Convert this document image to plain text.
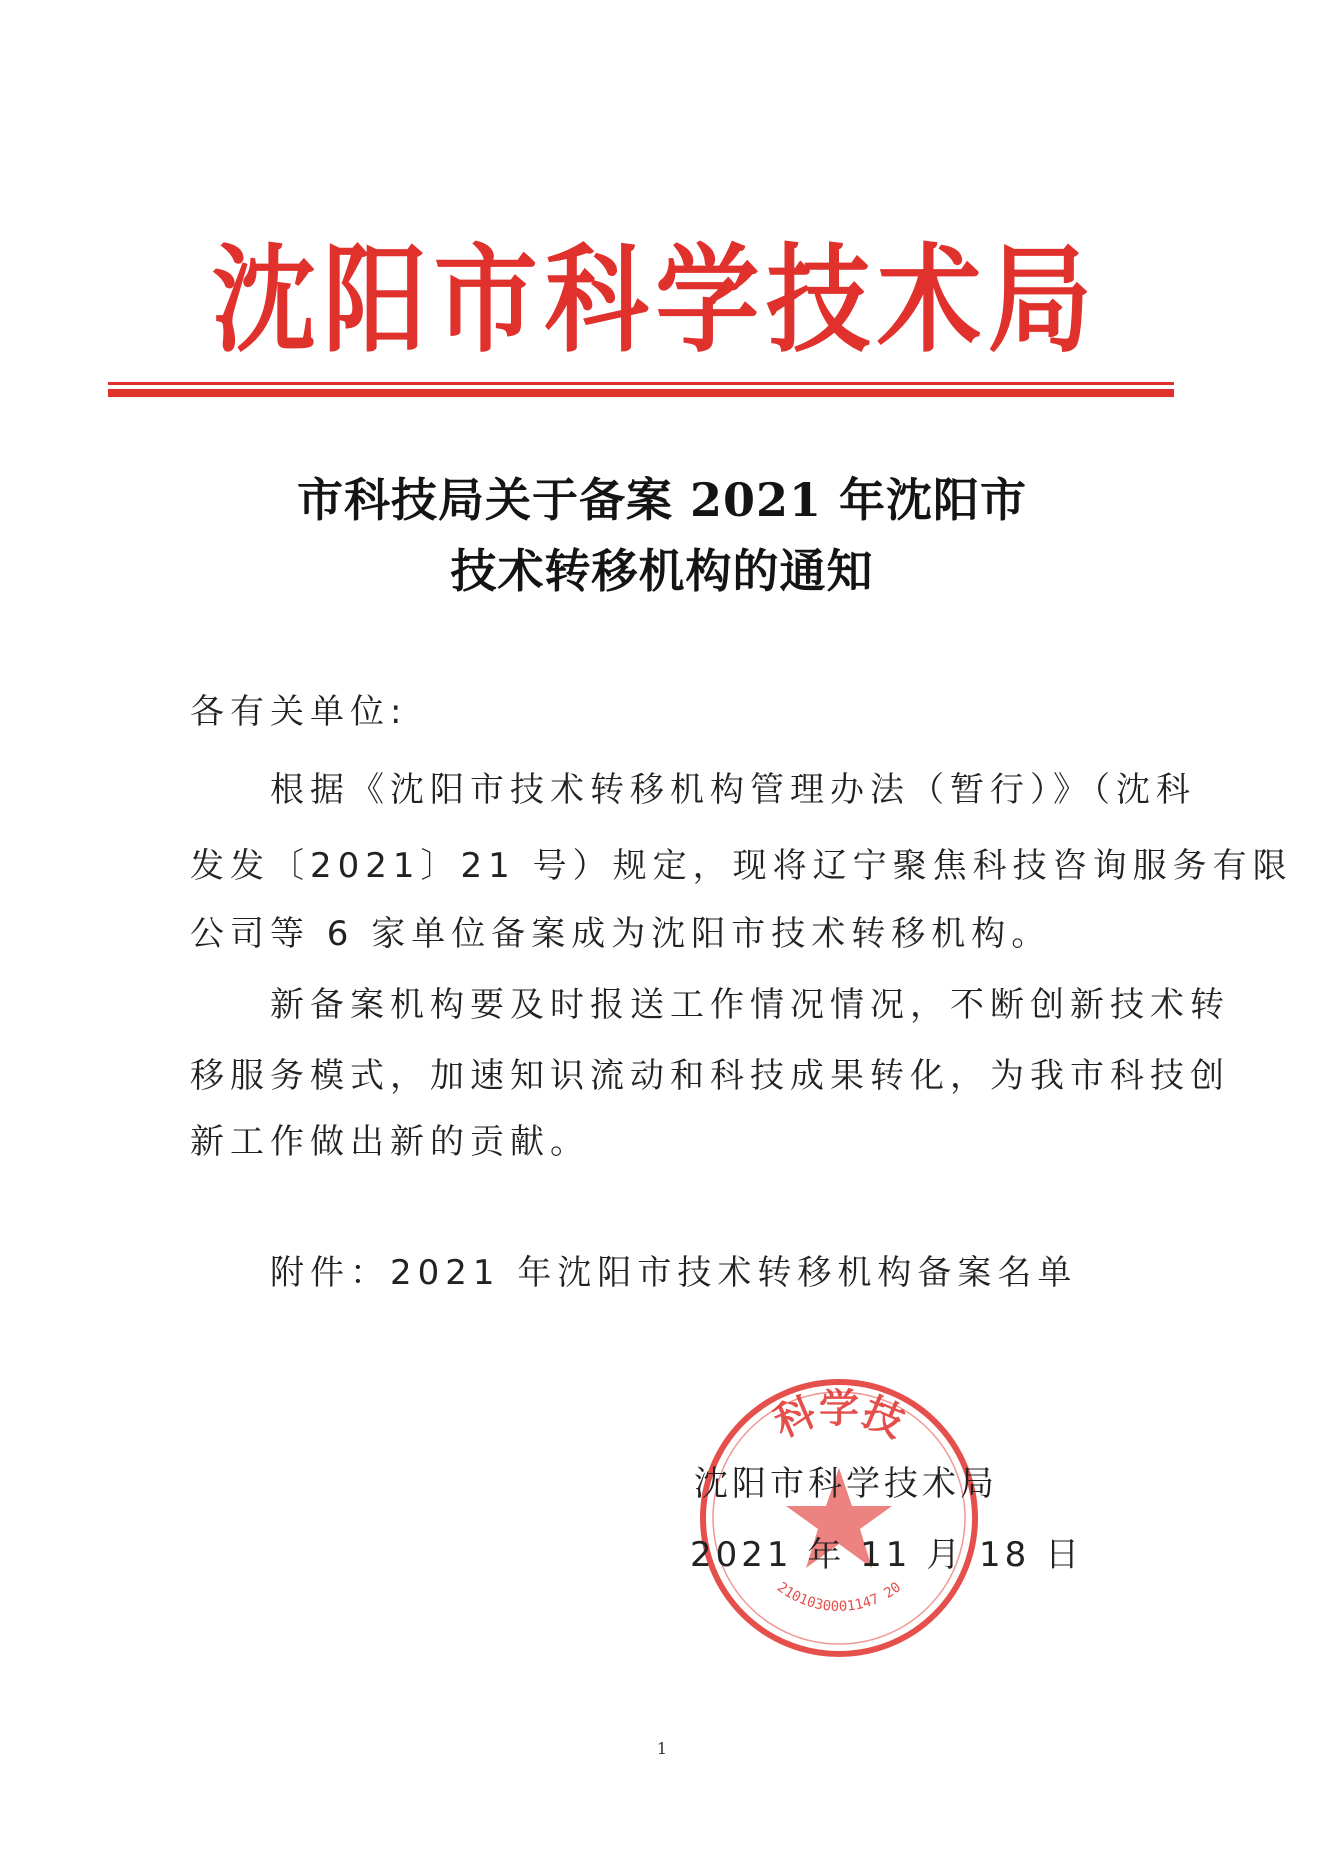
沈 阳 市 科 学 技 术 局
市科技局关于备案 2021 年沈阳市
技术转移机构的通知
各有关单位:
　　根据《沈阳市技术转移机构管理办法（暂行）》（沈科
发发〔2021〕21 号）规定，现将辽宁聚焦科技咨询服务有限
公司等 6 家单位备案成为沈阳市技术转移机构。
　　新备案机构要及时报送工作情况情况，不断创新技术转
移服务模式，加速知识流动和科技成果转化，为我市科技创
新工作做出新的贡献。
　　附件：2021 年沈阳市技术转移机构备案名单
科学技
2101030001147 20
沈阳市科学技术局
2021 年 11 月 18 日
1
